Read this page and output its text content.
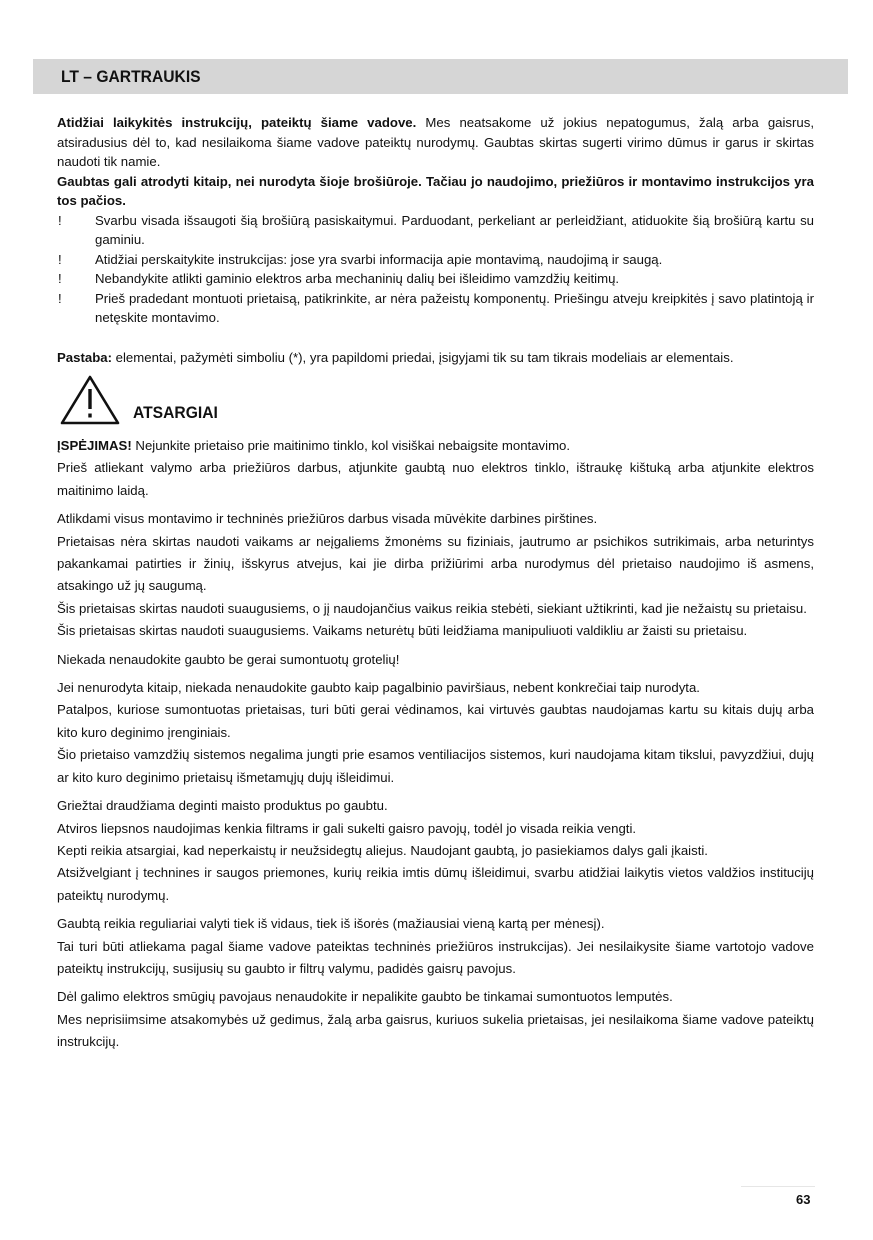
LT – GARTRAUKIS

Atidžiai laikykitės instrukcijų, pateiktų šiame vadove. Mes neatsakome už jokius nepatogumus, žalą arba gaisrus, atsiradusius dėl to, kad nesilaikoma šiame vadove pateiktų nurodymų. Gaubtas skirtas sugerti virimo dūmus ir garus ir skirtas naudoti tik namie.

Gaubtas gali atrodyti kitaip, nei nurodyta šioje brošiūroje. Tačiau jo naudojimo, priežiūros ir montavimo instrukcijos yra tos pačios.

!	Svarbu visada išsaugoti šią brošiūrą pasiskaitymui. Parduodant, perkeliant ar perleidžiant, atiduokite šią brošiūrą kartu su gaminiu.
!	Atidžiai perskaitykite instrukcijas: jose yra svarbi informacija apie montavimą, naudojimą ir saugą.
!	Nebandykite atlikti gaminio elektros arba mechaninių dalių bei išleidimo vamzdžių keitimų.
!	Prieš pradedant montuoti prietaisą, patikrinkite, ar nėra pažeistų komponentų. Priešingu atveju kreipkitės į savo platintoją ir netęskite montavimo.

Pastaba: elementai, pažymėti simboliu (*), yra papildomi priedai, įsigyjami tik su tam tikrais modeliais ar elementais.

ATSARGIAI

ĮSPĖJIMAS! Nejunkite prietaiso prie maitinimo tinklo, kol visiškai nebaigsite montavimo.

Prieš atliekant valymo arba priežiūros darbus, atjunkite gaubtą nuo elektros tinklo, ištraukę kištuką arba atjunkite elektros maitinimo laidą.

Atlikdami visus montavimo ir techninės priežiūros darbus visada mūvėkite darbines pirštines.

Prietaisas nėra skirtas naudoti vaikams ar neįgaliems žmonėms su fiziniais, jautrumo ar psichikos sutrikimais, arba neturintys pakankamai patirties ir žinių, išskyrus atvejus, kai jie dirba prižiūrimi arba nurodymus dėl prietaiso naudojimo iš asmens, atsakingo už jų saugumą.

Šis prietaisas skirtas naudoti suaugusiems, o jį naudojančius vaikus reikia stebėti, siekiant užtikrinti, kad jie nežaistų su prietaisu.

Šis prietaisas skirtas naudoti suaugusiems. Vaikams neturėtų būti leidžiama manipuliuoti valdikliu ar žaisti su prietaisu.

Niekada nenaudokite gaubto be gerai sumontuotų grotelių!

Jei nenurodyta kitaip, niekada nenaudokite gaubto kaip pagalbinio paviršiaus, nebent konkrečiai taip nurodyta.

Patalpos, kuriose sumontuotas prietaisas, turi būti gerai vėdinamos, kai virtuvės gaubtas naudojamas kartu su kitais dujų arba kito kuro deginimo įrenginiais.

Šio prietaiso vamzdžių sistemos negalima jungti prie esamos ventiliacijos sistemos, kuri naudojama kitam tikslui, pavyzdžiui, dujų ar kito kuro deginimo prietaisų išmetamųjų dujų išleidimui.

Griežtai draudžiama deginti maisto produktus po gaubtu.

Atviros liepsnos naudojimas kenkia filtrams ir gali sukelti gaisro pavojų, todėl jo visada reikia vengti.

Kepti reikia atsargiai, kad neperkaistų ir neužsidegtų aliejus. Naudojant gaubtą, jo pasiekiamos dalys gali įkaisti.

Atsižvelgiant į technines ir saugos priemones, kurių reikia imtis dūmų išleidimui, svarbu atidžiai laikytis vietos valdžios institucijų pateiktų nurodymų.

Gaubtą reikia reguliariai valyti tiek iš vidaus, tiek iš išorės (mažiausiai vieną kartą per mėnesį).

Tai turi būti atliekama pagal šiame vadove pateiktas techninės priežiūros instrukcijas). Jei nesilaikysite šiame vartotojo vadove pateiktų instrukcijų, susijusių su gaubto ir filtrų valymu, padidės gaisrų pavojus.

Dėl galimo elektros smūgių pavojaus nenaudokite ir nepalikite gaubto be tinkamai sumontuotos lemputės.

Mes neprisiimsime atsakomybės už gedimus, žalą arba gaisrus, kuriuos sukelia prietaisas, jei nesilaikoma šiame vadove pateiktų instrukcijų.

63
